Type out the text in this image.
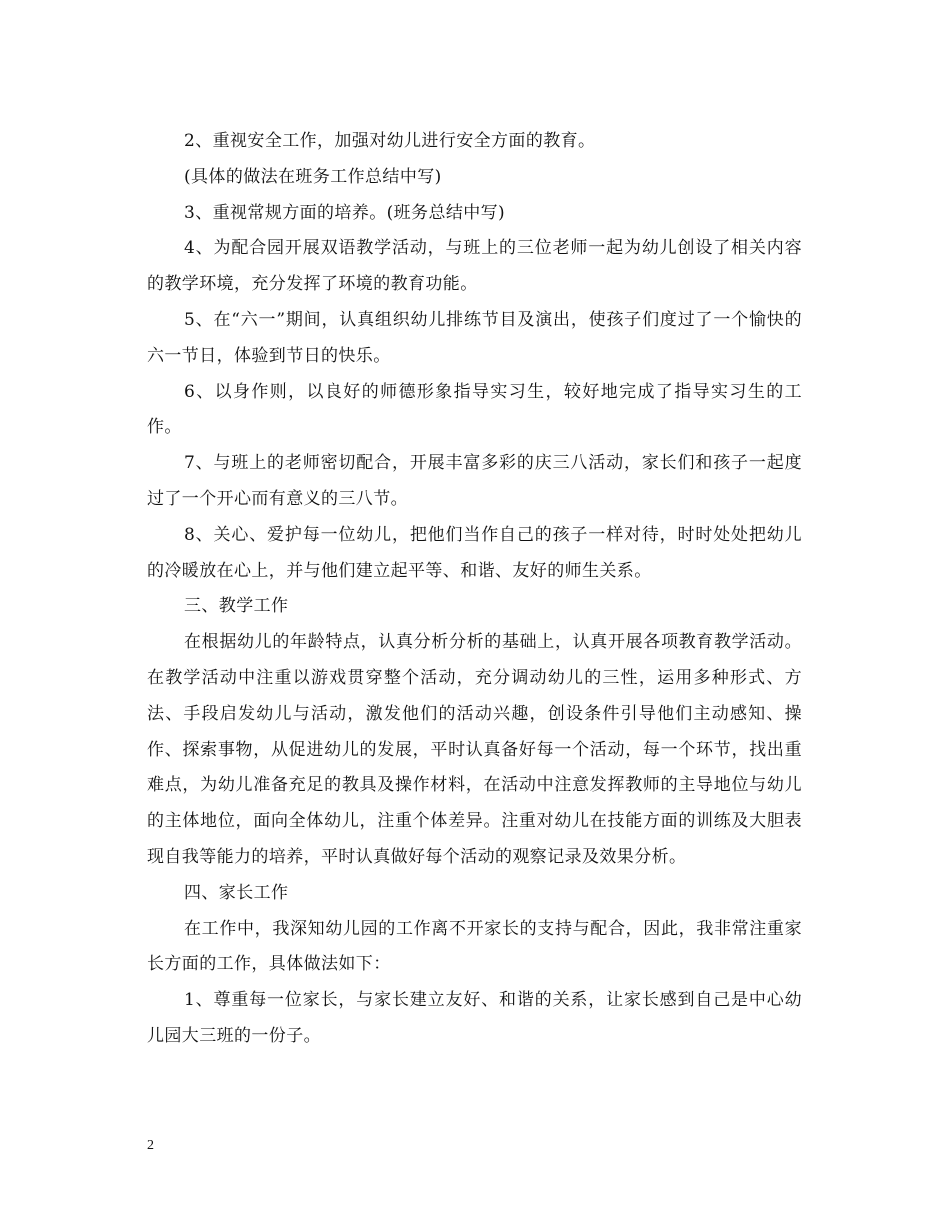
2、重视安全工作，加强对幼儿进行安全方面的教育。

(具体的做法在班务工作总结中写)

3、重视常规方面的培养。(班务总结中写)

4、为配合园开展双语教学活动，与班上的三位老师一起为幼儿创设了相关内容的教学环境，充分发挥了环境的教育功能。

5、在“六一”期间，认真组织幼儿排练节目及演出，使孩子们度过了一个愉快的六一节日，体验到节日的快乐。

6、以身作则，以良好的师德形象指导实习生，较好地完成了指导实习生的工作。

7、与班上的老师密切配合，开展丰富多彩的庆三八活动，家长们和孩子一起度过了一个开心而有意义的三八节。

8、关心、爱护每一位幼儿，把他们当作自己的孩子一样对待，时时处处把幼儿的冷暖放在心上，并与他们建立起平等、和谐、友好的师生关系。

三、教学工作

在根据幼儿的年龄特点，认真分析分析的基础上，认真开展各项教育教学活动。在教学活动中注重以游戏贯穿整个活动，充分调动幼儿的三性，运用多种形式、方法、手段启发幼儿与活动，激发他们的活动兴趣，创设条件引导他们主动感知、操作、探索事物，从促进幼儿的发展，平时认真备好每一个活动，每一个环节，找出重难点，为幼儿准备充足的教具及操作材料，在活动中注意发挥教师的主导地位与幼儿的主体地位，面向全体幼儿，注重个体差异。注重对幼儿在技能方面的训练及大胆表现自我等能力的培养，平时认真做好每个活动的观察记录及效果分析。

四、家长工作

在工作中，我深知幼儿园的工作离不开家长的支持与配合，因此，我非常注重家长方面的工作，具体做法如下：

1、尊重每一位家长，与家长建立友好、和谐的关系，让家长感到自己是中心幼儿园大三班的一份子。

2
